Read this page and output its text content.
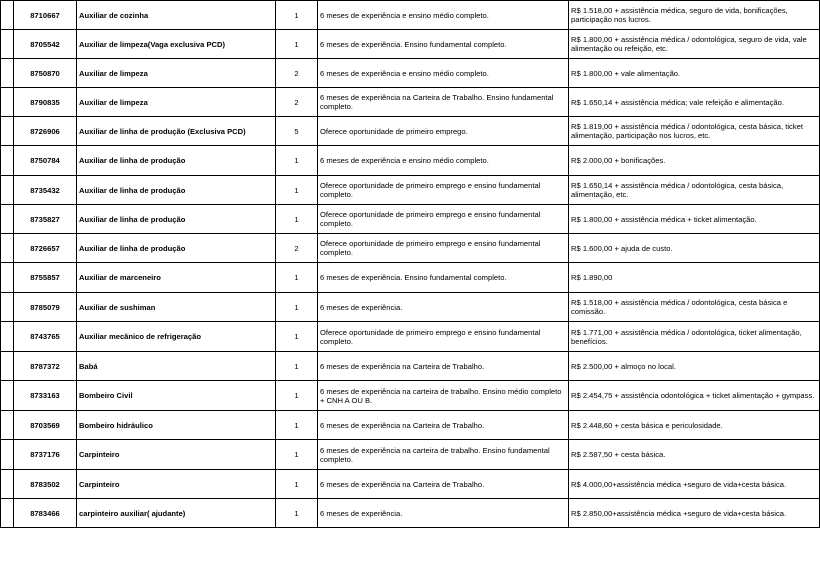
	8710667	Auxiliar de cozinha	1	6 meses de experiência e ensino médio completo.	R$ 1.518,00 + assistência médica, seguro de vida, bonificações, participação nos lucros.
	8705542	Auxiliar de limpeza(Vaga exclusiva PCD)	1	6 meses de experiência. Ensino fundamental completo.	R$ 1.800,00 + assistência médica / odontológica, seguro de vida, vale alimentação ou refeição, etc.
	8750870	Auxiliar de limpeza	2	6 meses de experiência e ensino médio completo.	R$ 1.800,00 + vale alimentação.
	8790835	Auxiliar de limpeza	2	6 meses de experiência na Carteira de Trabalho. Ensino fundamental completo.	R$ 1.650,14 + assistência médica; vale refeição e alimentação.
	8726906	Auxiliar de linha de produção (Exclusiva PCD)	5	Oferece oportunidade de primeiro emprego.	R$ 1.819,00 + assistência médica / odontológica, cesta básica, ticket alimentação, participação nos lucros, etc.
	8750784	Auxiliar de linha de produção	1	6 meses de experiência e ensino médio completo.	R$ 2.000,00 + bonificações.
	8735432	Auxiliar de linha de produção	1	Oferece oportunidade de primeiro emprego e ensino fundamental completo.	R$ 1.650,14 + assistência médica / odontológica, cesta básica, alimentação, etc.
	8735827	Auxiliar de linha de produção	1	Oferece oportunidade de primeiro emprego e ensino fundamental completo.	R$ 1.800,00 + assistência médica + ticket alimentação.
	8726657	Auxiliar de linha de produção	2	Oferece oportunidade de primeiro emprego e ensino fundamental completo.	R$ 1.600,00 + ajuda de custo.
	8755857	Auxiliar de marceneiro	1	6 meses de experiência. Ensino fundamental completo.	R$ 1.890,00
	8785079	Auxiliar de sushiman	1	6 meses de experiência.	R$ 1.518,00 + assistência médica / odontológica, cesta básica e comissão.
	8743765	Auxiliar mecânico de refrigeração	1	Oferece oportunidade de primeiro emprego e ensino fundamental completo.	R$ 1.771,00 + assistência médica / odontológica, ticket alimentação, benefícios.
	8787372	Babá	1	6 meses de experiência na Carteira de Trabalho.	R$ 2.500,00 + almoço no local.
	8733163	Bombeiro Civil	1	6 meses de experiência na carteira de trabalho. Ensino médio completo + CNH A OU B.	R$ 2.454,75 + assistência odontológica + ticket alimentação + gympass.
	8703569	Bombeiro hidráulico	1	6 meses de experiência na Carteira de Trabalho.	R$ 2.448,60 + cesta básica e periculosidade.
	8737176	Carpinteiro	1	6 meses de experiência na carteira de trabalho. Ensino fundamental completo.	R$ 2.587,50 + cesta básica.
	8783502	Carpinteiro	1	6 meses de experiência na Carteira de Trabalho.	R$ 4.000,00+assistência médica +seguro de vida+cesta básica.
	8783466	carpinteiro auxiliar( ajudante)	1	6 meses de experiência.	R$ 2.850,00+assistência médica +seguro de vida+cesta básica.
